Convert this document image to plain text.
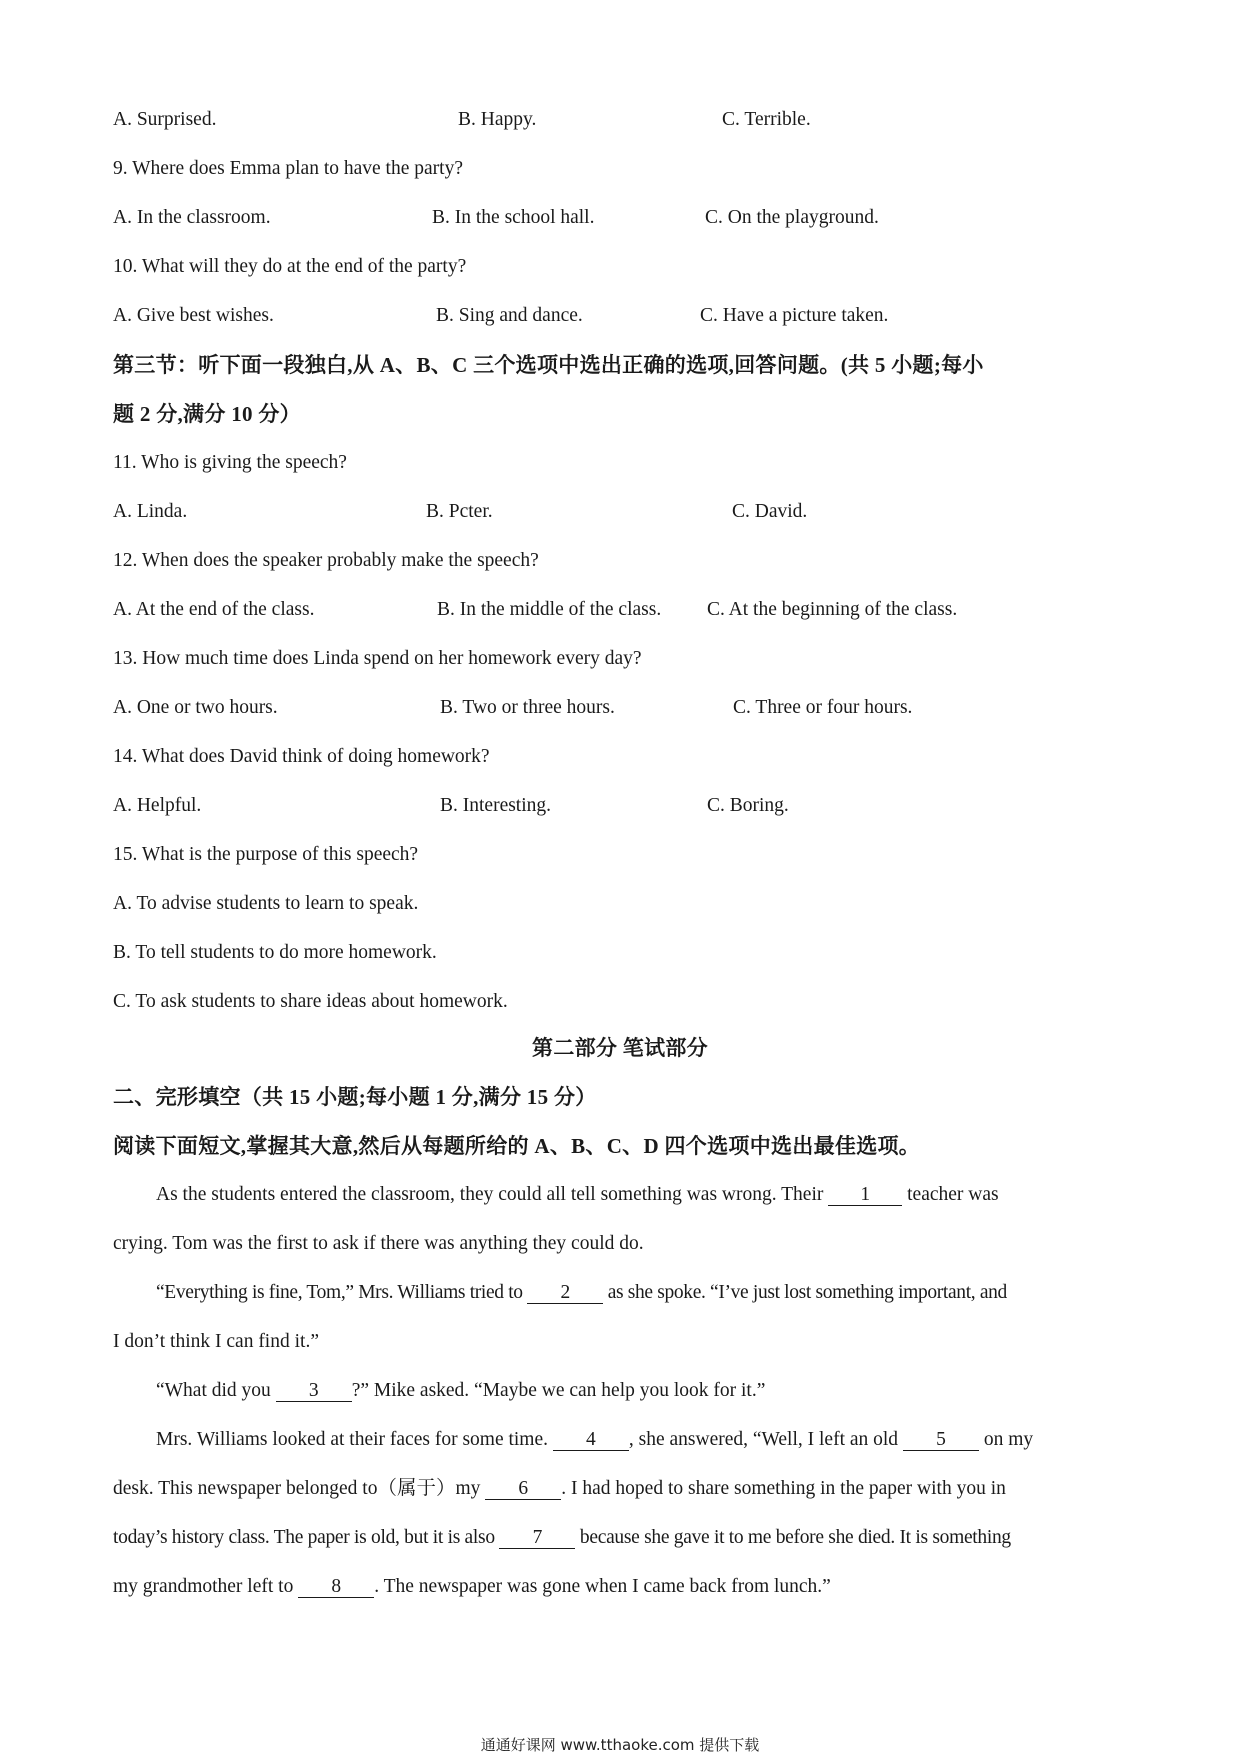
A. Surprised.	B. Happy.	C. Terrible.
9. Where does Emma plan to have the party?
A. In the classroom.	B. In the school hall.	C. On the playground.
10. What will they do at the end of the party?
A. Give best wishes.	B. Sing and dance.	C. Have a picture taken.
第三节：听下面一段独白,从 A、B、C 三个选项中选出正确的选项,回答问题。(共 5 小题;每小
题 2 分,满分 10 分）
11. Who is giving the speech?
A. Linda.	B. Pcter.	C. David.
12. When does the speaker probably make the speech?
A. At the end of the class.	B. In the middle of the class. C. At the beginning of the class.
13. How much time does Linda spend on her homework every day?
A. One or two hours.	B. Two or three hours.	C. Three or four hours.
14. What does David think of doing homework?
A. Helpful.	B. Interesting.	C. Boring.
15. What is the purpose of this speech?
A. To advise students to learn to speak.
B. To tell students to do more homework.
C. To ask students to share ideas about homework.
第二部分 笔试部分
二、完形填空（共 15 小题;每小题 1 分,满分 15 分）
阅读下面短文,掌握其大意,然后从每题所给的 A、B、C、D 四个选项中选出最佳选项。
As the students entered the classroom, they could all tell something was wrong. Their 1 teacher was
crying. Tom was the first to ask if there was anything they could do.
“Everything is fine, Tom,” Mrs. Williams tried to 2 as she spoke. “I’ve just lost something important, and
I don’t think I can find it.”
“What did you 3 ?” Mike asked. “Maybe we can help you look for it.”
Mrs. Williams looked at their faces for some time. 4 , she answered, “Well, I left an old 5 on my
desk. This newspaper belonged to（属于）my 6 . I had hoped to share something in the paper with you in
today’s history class. The paper is old, but it is also 7 because she gave it to me before she died. It is something
my grandmother left to 8 . The newspaper was gone when I came back from lunch.”
通通好课网 www.tthaoke.com 提供下载
